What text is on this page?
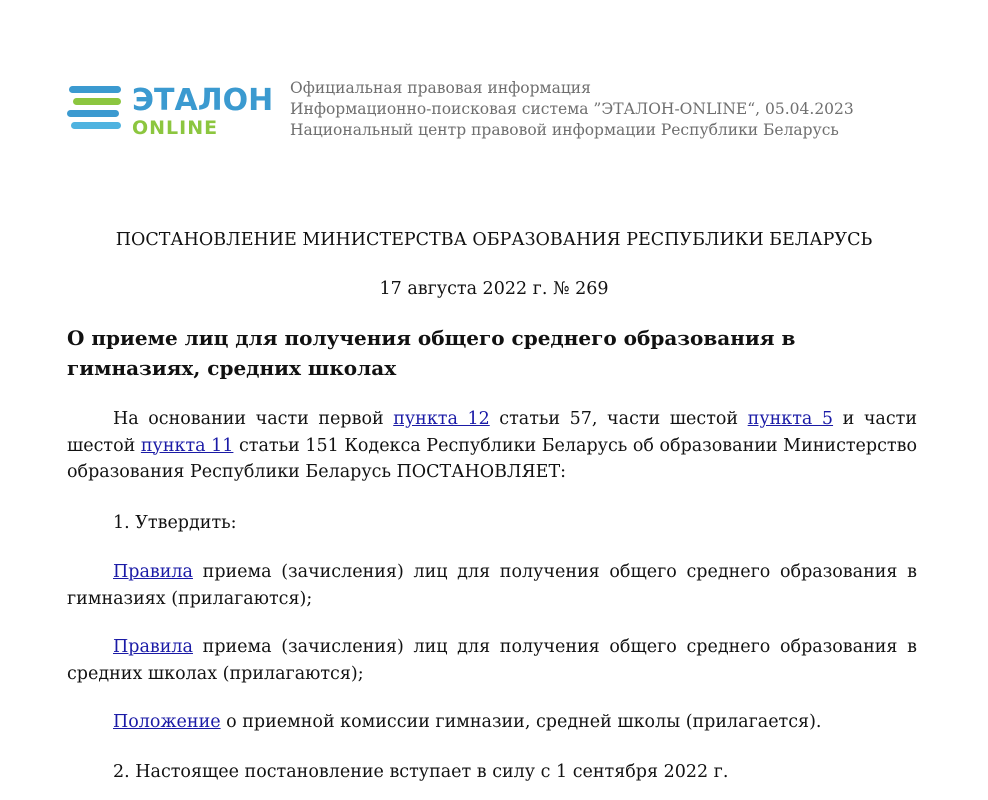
ЭТАЛОН
ONLINE
Официальная правовая информация
Информационно-поисковая система ”ЭТАЛОН-ONLINE“, 05.04.2023
Национальный центр правовой информации Республики Беларусь
ПОСТАНОВЛЕНИЕ МИНИСТЕРСТВА ОБРАЗОВАНИЯ РЕСПУБЛИКИ БЕЛАРУСЬ
17 августа 2022 г. № 269
О приеме лиц для получения общего среднего образования в гимназиях, средних школах
На основании части первой пункта 12 статьи 57, части шестой пункта 5 и части шестой пункта 11 статьи 151 Кодекса Республики Беларусь об образовании Министерство образования Республики Беларусь ПОСТАНОВЛЯЕТ:
1. Утвердить:
Правила приема (зачисления) лиц для получения общего среднего образования в гимназиях (прилагаются);
Правила приема (зачисления) лиц для получения общего среднего образования в средних школах (прилагаются);
Положение о приемной комиссии гимназии, средней школы (прилагается).
2. Настоящее постановление вступает в силу с 1 сентября 2022 г.
